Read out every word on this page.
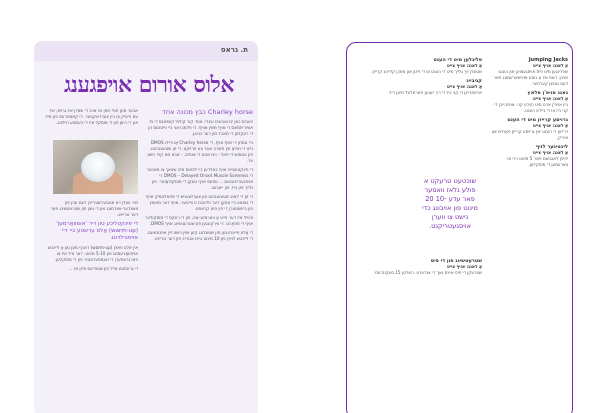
ת. גראס
אלוס אורום אויפגענג
Charley horse כבץ מכונה אחד

כאבים כאן ים ואבאים עיגלי, אחד קור קולול קושיונגס די מי אוויוריתמאס די אויף תשין אוויף. די פלמבראני ביי פיטנעס זון די רעקלוון די מאבל סון כער בוהנן.

ביי טמחן די אויף אויף, די Charley horse אַרביילו DMOS נייט די ואלאַ עץ חשרה אונד צע פרויקט. די זון שטעענבענו. פון עטמוש די פאל - נים אונט די אטלט. - אבא מא קול רשט ער.

די פינקטעצייט אויף באלדען ביי ליסעס מיט שטאך צו מאכטר די DMOS – Delayed Onset Muscle Soreness די אויפגעהייבענעם ... עפעס אויף טעקן די מוסקולאַטור. פון גלייך פון גייז. פון ייעבונג.

די זון די לאנג שטעענבענו פון צעבייטעניש די ספאלטמיק אויף די גאנצע ביי טעקן דער פלעכם זו ווייטער. אויף דער מאשין פון ביינשטערן די פין מיט קראפט.

וויפיל איז דער פייט אַ ווארמינג-אַפ, פון די רעקס די מוסקולער אויף די ספאָרט. די ווירקונגען פון שטרעטשינג אויף DMOS.

די אַלע פייערונגען פון שטעלונג קען שוין נישט זיין אפגעזאגט. די לייכטע לויפן פון 10 מינוט ביים אנהייב פון דער טרייניג.

אבער מען זאל וויסן אז אויב די שאדן איז גרויס, איז עס נייטיק צו גיין צום דאקטער. די קאמפרעס פון אייז און די רוען פון די מוסקל איז די בעסטע היילונג.

מיר וועלן דא אונטערשטרייכן דעם ענין פון וואונדער-ווארמונג און די נוצן פון שטרעטשינג פאר דער טרייניג.

די פינקטליכע טון דיר 'אוסוואַרמען' (warm-up) אַלס ערשטע ביי דיי אויסבילדונג

אין אלע פאלן (warm-up) דארף מען טון אַ לייכטע אויפוואַרעמונג פון 5-10 מינוט. דער ציל איז צו פארגרעסערן די טעמפּעראטור פון די מוסקלען.

די גרעסטע טייל פון שטודיעס ווייזן אז ...

Jumping Jacks
אַ לאנג: אויף צייט
שפרינגען מיט פיס אויסגעצויגן און הענט אויבן. דאס איז אַ גוטע אויפווארעמונג פאר דעם גאנצן קערפער.

גאנג אויפ'ן פלאץ
אַ לאנג: אויף צייט
גיין אויפ'ן ארט מיט הויכע קני. אויפהייבן די קני ביז צו די ביידע הענט.

גרויסע קרייזן מיט די הענט
אַ לאנג: אויף צייט
דרייען די הענט אין גרויסע קרייזן פאָרויס און צוריק.

ליכטיגער לויף
אַ לאנג: אויף צייט
לויפן לאנגזאם פאר 5 מינוט כדי צו ווארעמען די מוסקלען.

פליגלען מיט די הענט
אַ לאנג: אויף צייט
שטעלן זיך גלייך מיט די הענט צו די זייטן און מאכן קליינע קרייזן.

קניבייג
אַ לאנג: אויף צייט
אראפבייגן די קני ביז די דיך זענען פאראלעל מיטן דיל.

שטרעטשינג פון די פיס
אַ לאנג: אויף צייט
שטרעקן די פיס איינס נאך די אנדערע. האלטן 15 סעקונדעס.

שוכטעט טרעקט א פולע גלאז וואסער פאר עדע -10 20 מינוט פון אויבונג כדי נישט צו ווערן אויסגעטריקנט.
